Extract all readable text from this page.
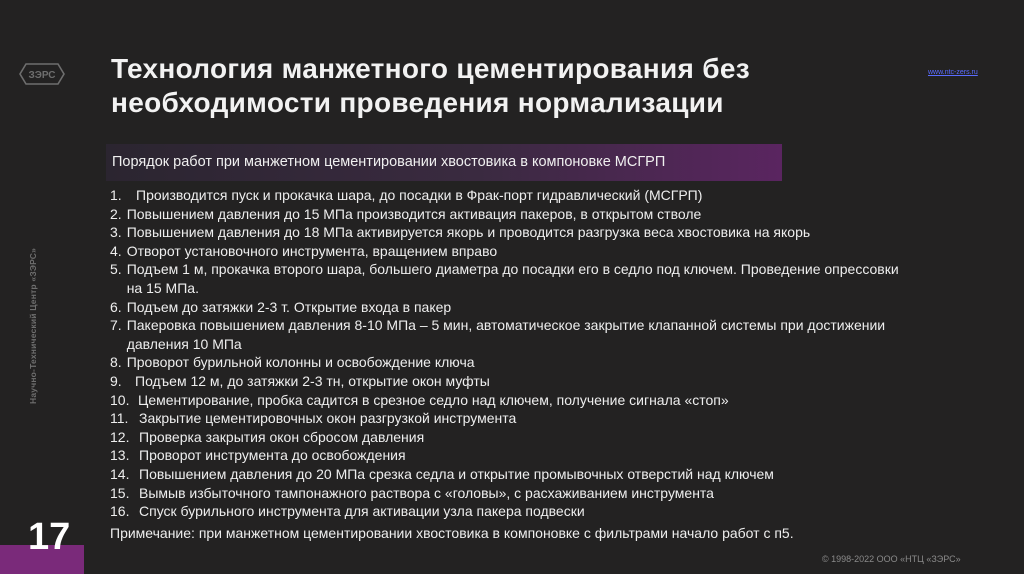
ЗЭРС
Научно-Технический Центр «ЗЭРС»
Технология манжетного цементирования без
необходимости проведения нормализации
www.ntc-zers.ru
Порядок работ при манжетном цементировании хвостовика в компоновке МСГРП
1.	Производится пуск и прокачка шара, до посадки в Фрак-порт гидравлический (МСГРП)
2. Повышением давления до 15 МПа производится активация пакеров, в открытом стволе
3. Повышением давления до 18 МПа активируется якорь и проводится разгрузка веса хвостовика на якорь
4. Отворот установочного инструмента, вращением вправо
5. Подъем 1 м, прокачка второго шара, большего диаметра до посадки его в седло под ключем. Проведение опрессовки на 15 МПа.
6. Подъем до затяжки 2-3 т. Открытие входа в пакер
7. Пакеровка повышением давления 8-10 МПа – 5 мин, автоматическое закрытие клапанной системы при достижении давления 10 МПа
8. Проворот бурильной колонны и освобождение ключа
9. Подъем 12 м, до затяжки 2-3 тн, открытие окон муфты
10. Цементирование, пробка садится в срезное седло над ключем, получение сигнала «стоп»
11. Закрытие цементировочных окон разгрузкой инструмента
12. Проверка закрытия окон сбросом давления
13. Проворот инструмента до освобождения
14. Повышением давления до 20 МПа срезка седла и открытие промывочных отверстий над ключем
15. Вымыв избыточного тампонажного раствора с «головы», с расхаживанием инструмента
16. Спуск бурильного инструмента для активации узла пакера подвески
Примечание: при манжетном цементировании хвостовика в компоновке с фильтрами начало работ с п5.
17
© 1998-2022 ООО «НТЦ «ЗЭРС»
